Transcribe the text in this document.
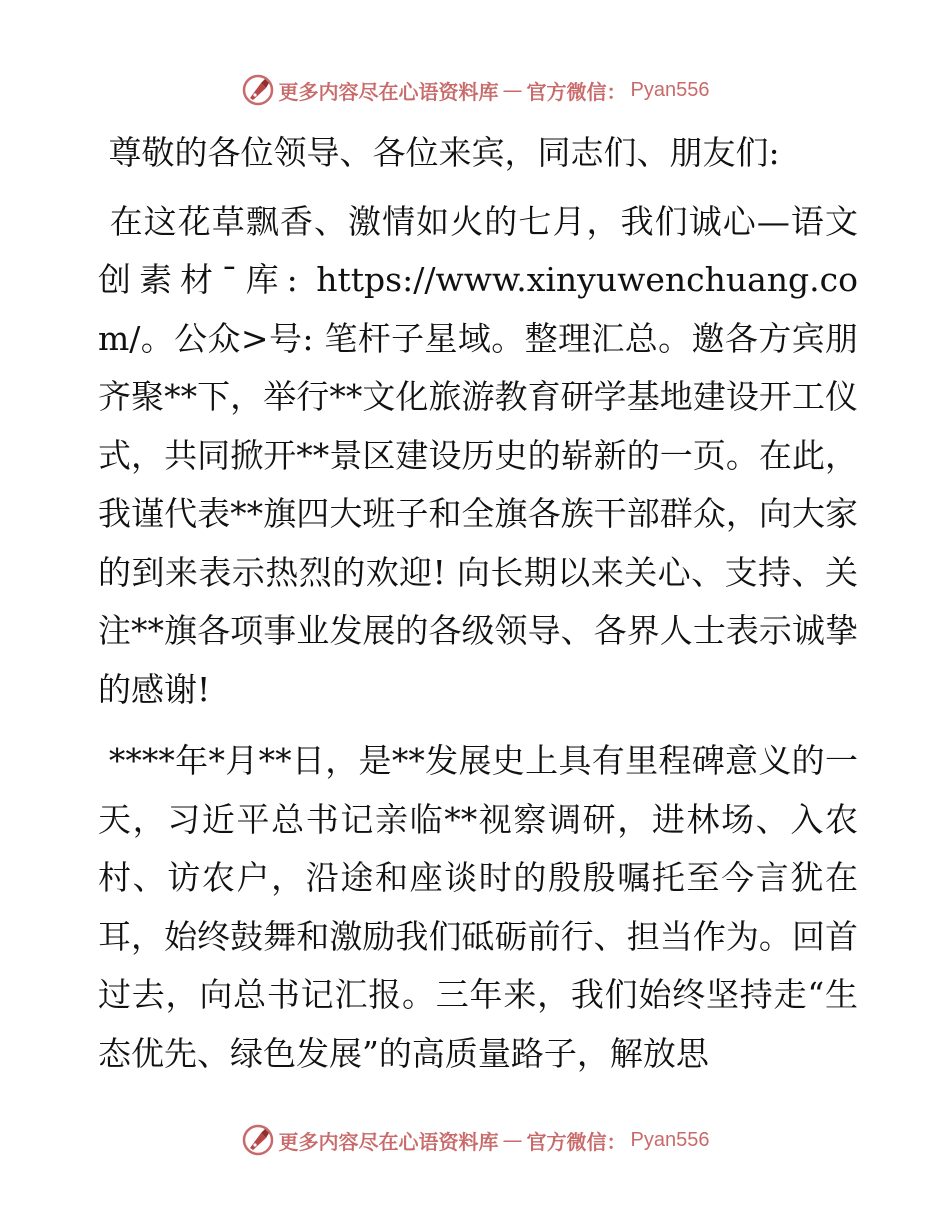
更多内容尽在心语资料库 — 官方微信： Pyan556

尊敬的各位领导、各位来宾，同志们、朋友们:

在这花草飘香、激情如火的七月，我们诚心—语文创素材¯库: https://www.xinyuwenchuang.com/。公众>号: 笔杆子星域。整理汇总。邀各方宾朋齐聚**下，举行**文化旅游教育研学基地建设开工仪式，共同掀开**景区建设历史的崭新的一页。在此，我谨代表**旗四大班子和全旗各族干部群众，向大家的到来表示热烈的欢迎! 向长期以来关心、支持、关注**旗各项事业发展的各级领导、各界人士表示诚挚的感谢!

****年*月**日，是**发展史上具有里程碑意义的一天，习近平总书记亲临**视察调研，进林场、入农村、访农户，沿途和座谈时的殷殷嘱托至今言犹在耳，始终鼓舞和激励我们砥砺前行、担当作为。回首过去，向总书记汇报。三年来，我们始终坚持走“生态优先、绿色发展”的高质量路子，解放思

更多内容尽在心语资料库 — 官方微信： Pyan556
